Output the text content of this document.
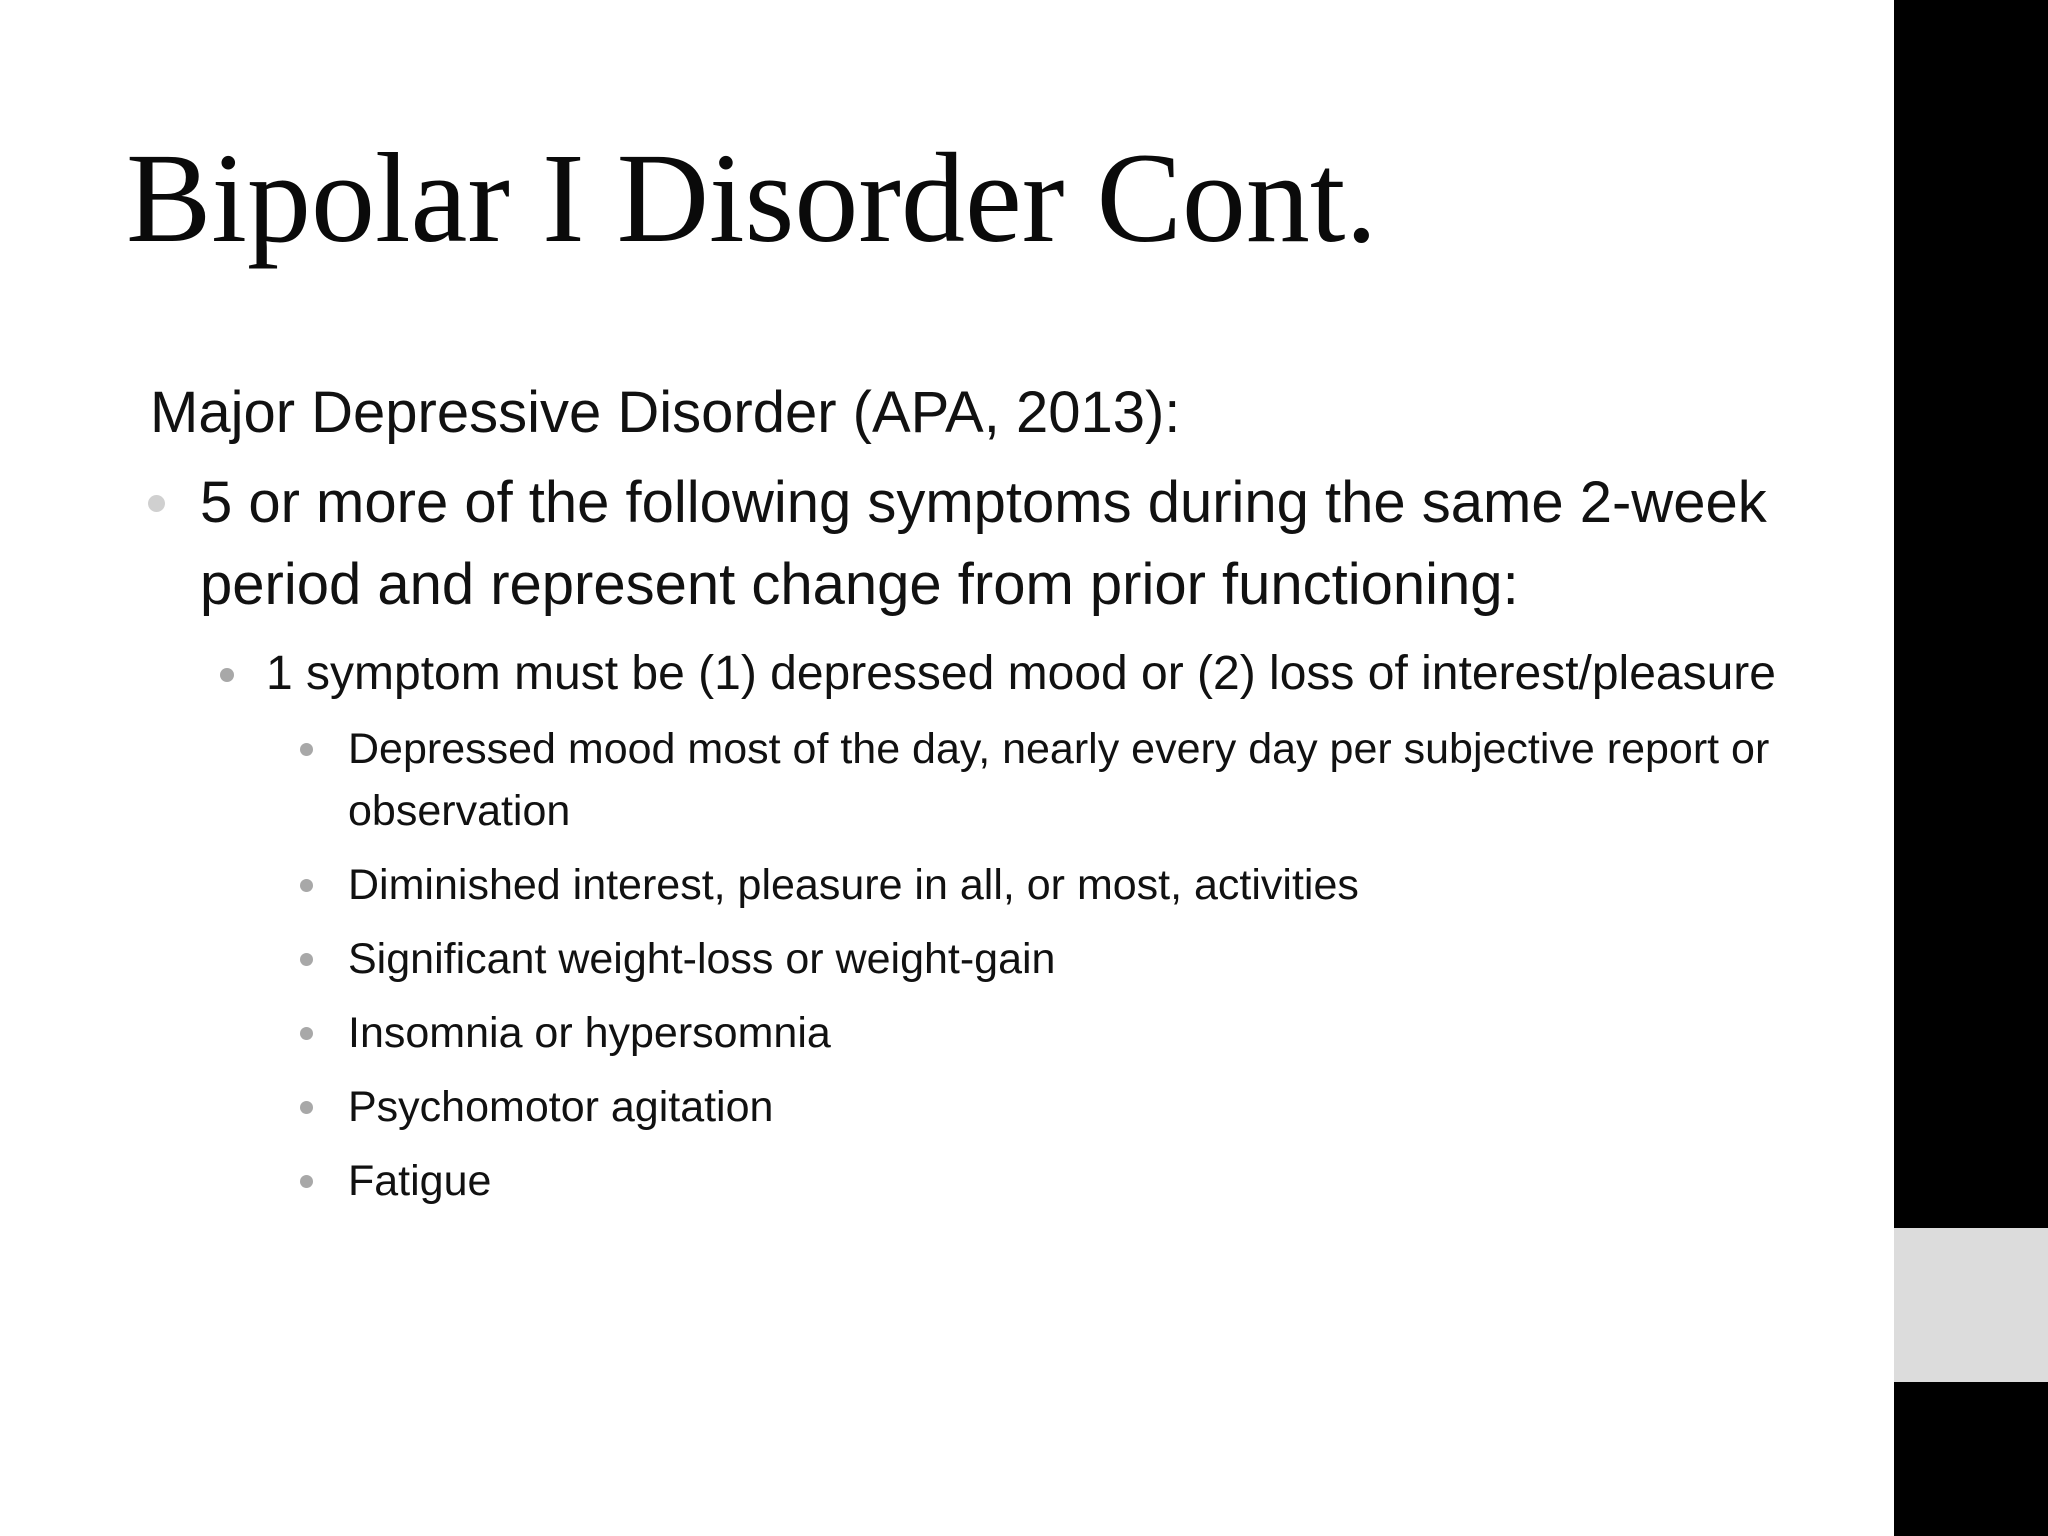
Bipolar I Disorder Cont.

Major Depressive Disorder (APA, 2013):

5 or more of the following symptoms during the same 2-week period and represent change from prior functioning:
1 symptom must be (1) depressed mood or (2) loss of interest/pleasure
Depressed mood most of the day, nearly every day per subjective report or observation
Diminished interest, pleasure in all, or most, activities
Significant weight-loss or weight-gain
Insomnia or hypersomnia
Psychomotor agitation
Fatigue
